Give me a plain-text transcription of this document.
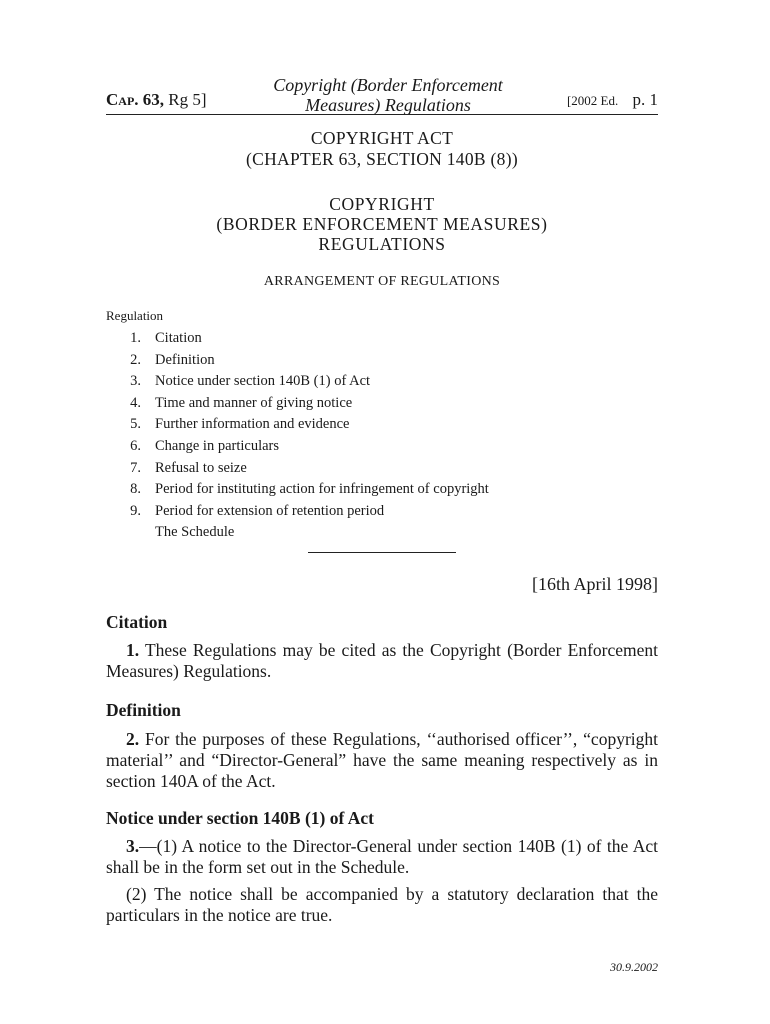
Cap. 63, Rg 5]
Copyright (Border Enforcement
Measures) Regulations	[2002 Ed. p. 1
COPYRIGHT ACT
(CHAPTER 63, SECTION 140B (8))
COPYRIGHT
(BORDER ENFORCEMENT MEASURES)
REGULATIONS
ARRANGEMENT OF REGULATIONS
Regulation
1. Citation
2. Definition
3. Notice under section 140B (1) of Act
4. Time and manner of giving notice
5. Further information and evidence
6. Change in particulars
7. Refusal to seize
8. Period for instituting action for infringement of copyright
9. Period for extension of retention period
The Schedule
[16th April 1998]
Citation

1. These Regulations may be cited as the Copyright (Border Enforcement Measures) Regulations.

Definition

2. For the purposes of these Regulations, ‘‘authorised officer’’, “copyright material’’ and “Director-General” have the same meaning respectively as in section 140A of the Act.

Notice under section 140B (1) of Act

3.—(1) A notice to the Director-General under section 140B (1) of the Act shall be in the form set out in the Schedule.

(2) The notice shall be accompanied by a statutory declaration that the particulars in the notice are true.

30.9.2002
